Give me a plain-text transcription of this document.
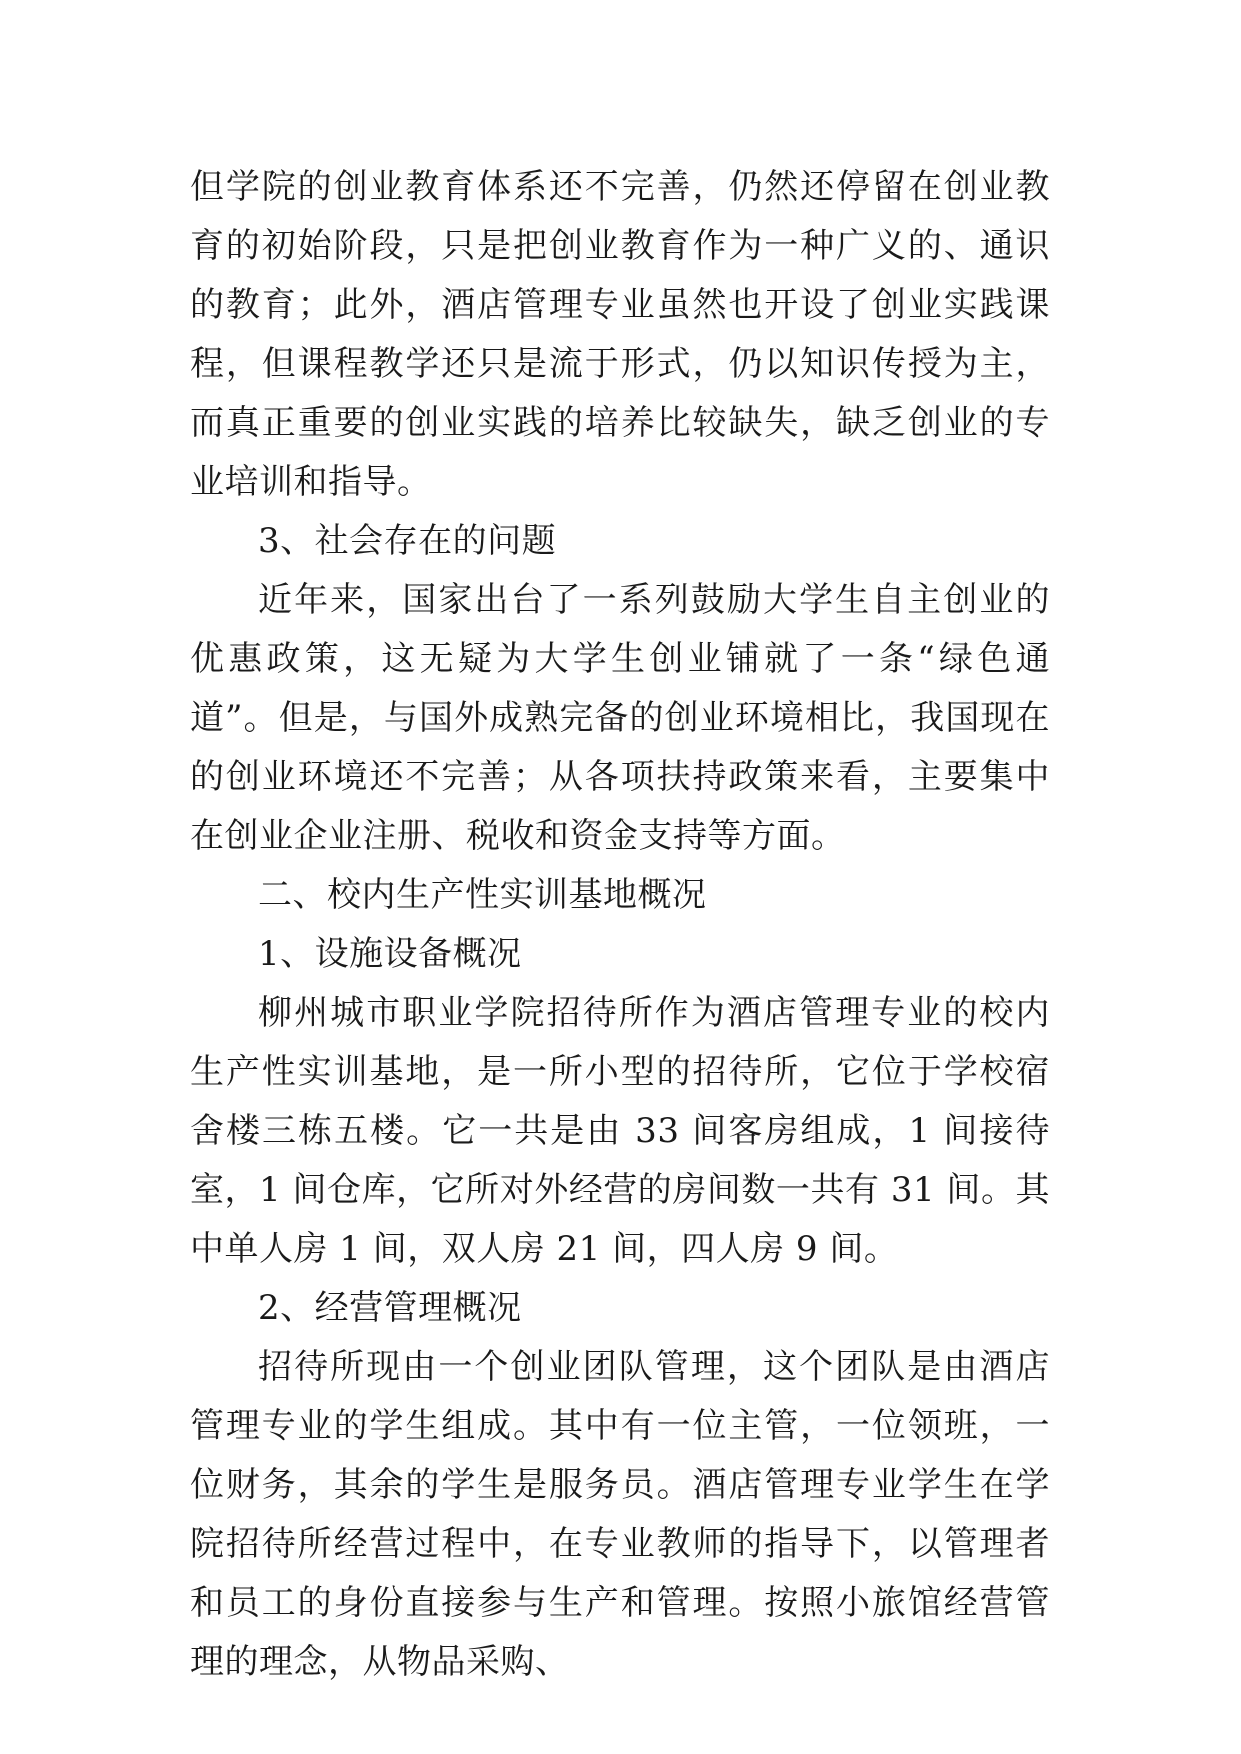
但学院的创业教育体系还不完善，仍然还停留在创业教育的初始阶段，只是把创业教育作为一种广义的、通识的教育；此外，酒店管理专业虽然也开设了创业实践课程，但课程教学还只是流于形式，仍以知识传授为主，而真正重要的创业实践的培养比较缺失，缺乏创业的专业培训和指导。

3、社会存在的问题

近年来，国家出台了一系列鼓励大学生自主创业的优惠政策，这无疑为大学生创业铺就了一条“绿色通道”。但是，与国外成熟完备的创业环境相比，我国现在的创业环境还不完善；从各项扶持政策来看，主要集中在创业企业注册、税收和资金支持等方面。

二、校内生产性实训基地概况

1、设施设备概况

柳州城市职业学院招待所作为酒店管理专业的校内生产性实训基地，是一所小型的招待所，它位于学校宿舍楼三栋五楼。它一共是由 33 间客房组成，1 间接待室，1 间仓库，它所对外经营的房间数一共有 31 间。其中单人房 1 间，双人房 21 间，四人房 9 间。

2、经营管理概况

招待所现由一个创业团队管理，这个团队是由酒店管理专业的学生组成。其中有一位主管，一位领班，一位财务，其余的学生是服务员。酒店管理专业学生在学院招待所经营过程中，在专业教师的指导下，以管理者和员工的身份直接参与生产和管理。按照小旅馆经营管理的理念，从物品采购、
